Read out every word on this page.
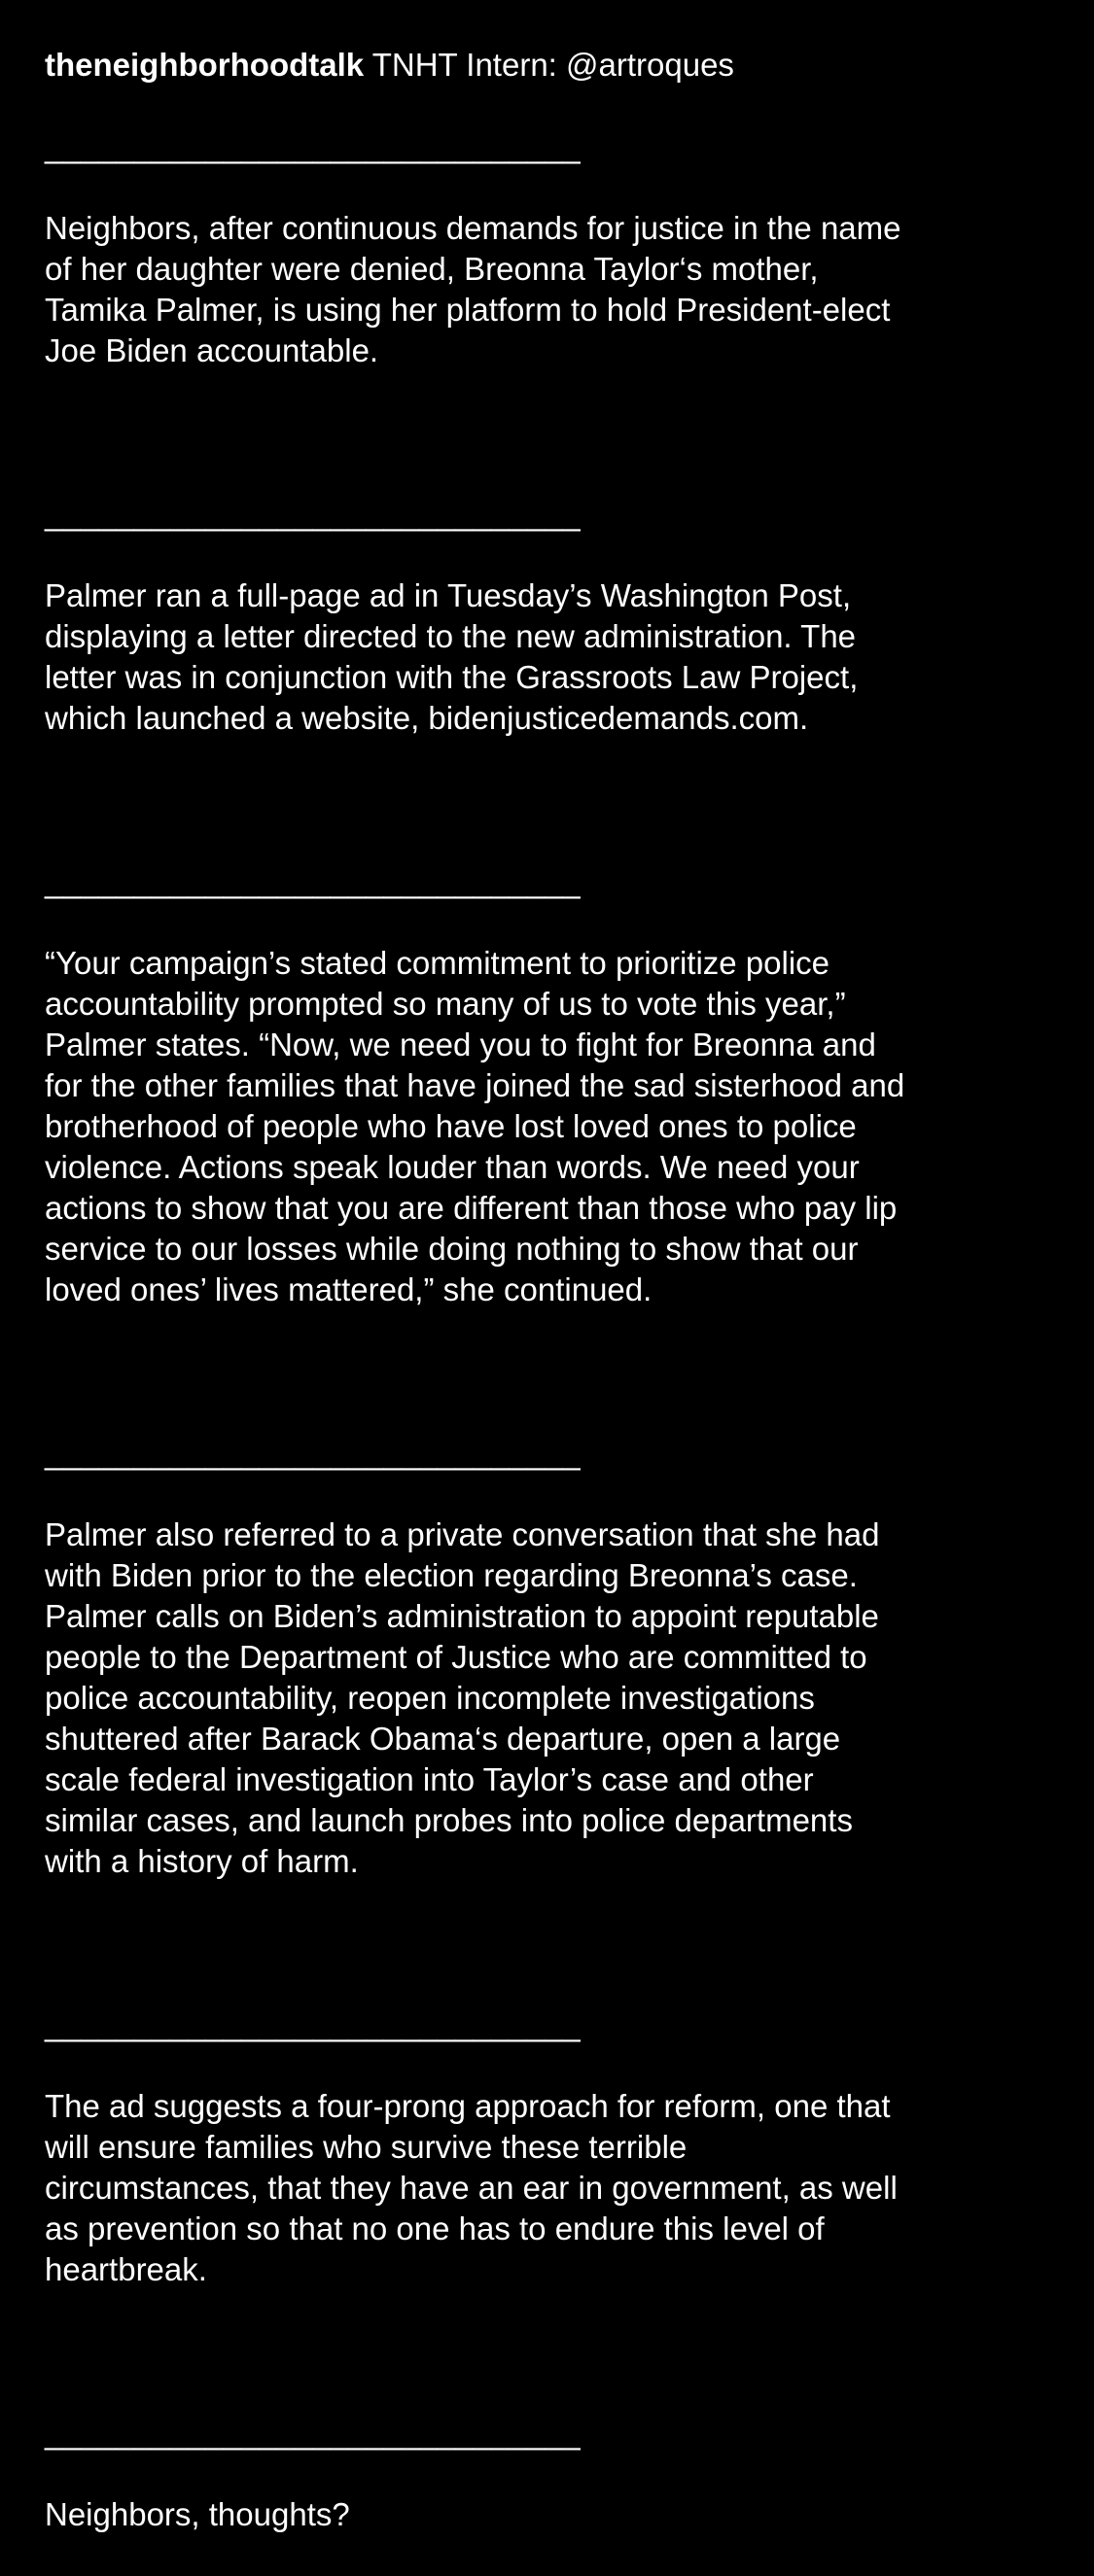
theneighborhoodtalk TNHT Intern: @artroques

______________________________

Neighbors, after continuous demands for justice in the name
of her daughter were denied, Breonna Taylor‘s mother,
Tamika Palmer, is using her platform to hold President-elect
Joe Biden accountable.

______________________________

Palmer ran a full-page ad in Tuesday’s Washington Post,
displaying a letter directed to the new administration. The
letter was in conjunction with the Grassroots Law Project,
which launched a website, bidenjusticedemands.com.

______________________________

“Your campaign’s stated commitment to prioritize police
accountability prompted so many of us to vote this year,”
Palmer states. “Now, we need you to fight for Breonna and
for the other families that have joined the sad sisterhood and
brotherhood of people who have lost loved ones to police
violence. Actions speak louder than words. We need your
actions to show that you are different than those who pay lip
service to our losses while doing nothing to show that our
loved ones’ lives mattered,” she continued.

______________________________

Palmer also referred to a private conversation that she had
with Biden prior to the election regarding Breonna’s case.
Palmer calls on Biden’s administration to appoint reputable
people to the Department of Justice who are committed to
police accountability, reopen incomplete investigations
shuttered after Barack Obama‘s departure, open a large
scale federal investigation into Taylor’s case and other
similar cases, and launch probes into police departments
with a history of harm.

______________________________

The ad suggests a four-prong approach for reform, one that
will ensure families who survive these terrible
circumstances, that they have an ear in government, as well
as prevention so that no one has to endure this level of
heartbreak.

______________________________

Neighbors, thoughts?
